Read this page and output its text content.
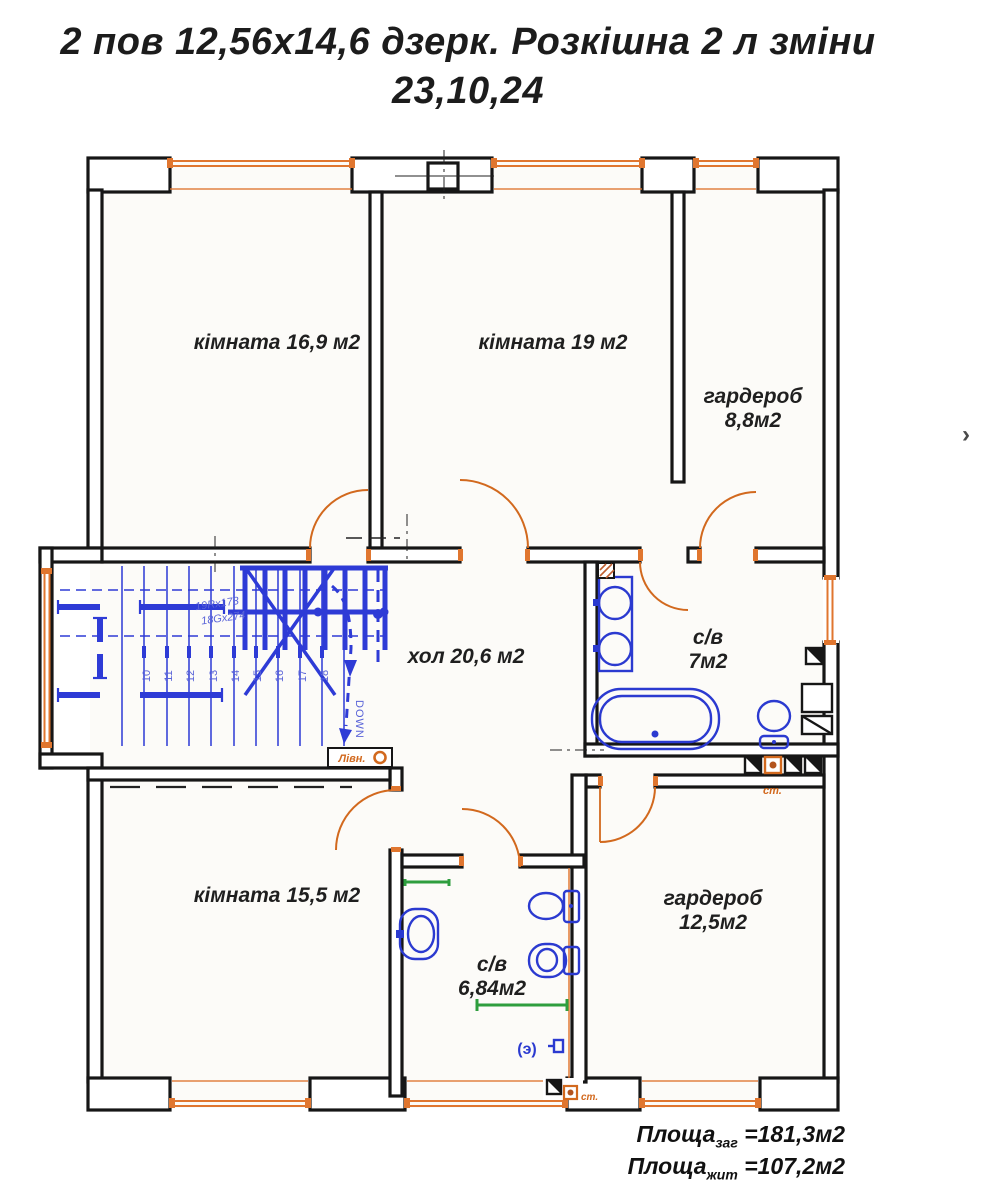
2 пов 12,56х14,6 дзерк. Розкішна 2 л зміни 23,10,24
10 11 12 13 14 15 16 17 18
19Rx173
18Gx274
DOWN
(э)
Лівн.
ст.
ст.
кімната 16,9 м2	кімната 19 м2
гардероб
8,8м2
хол 20,6 м2
с/в
7м2
кімната 15,5 м2
с/в
6,84м2
гардероб
12,5м2
Площа$_{заг}$ =181,3м2
Площа$_{жит}$ =107,2м2
›
